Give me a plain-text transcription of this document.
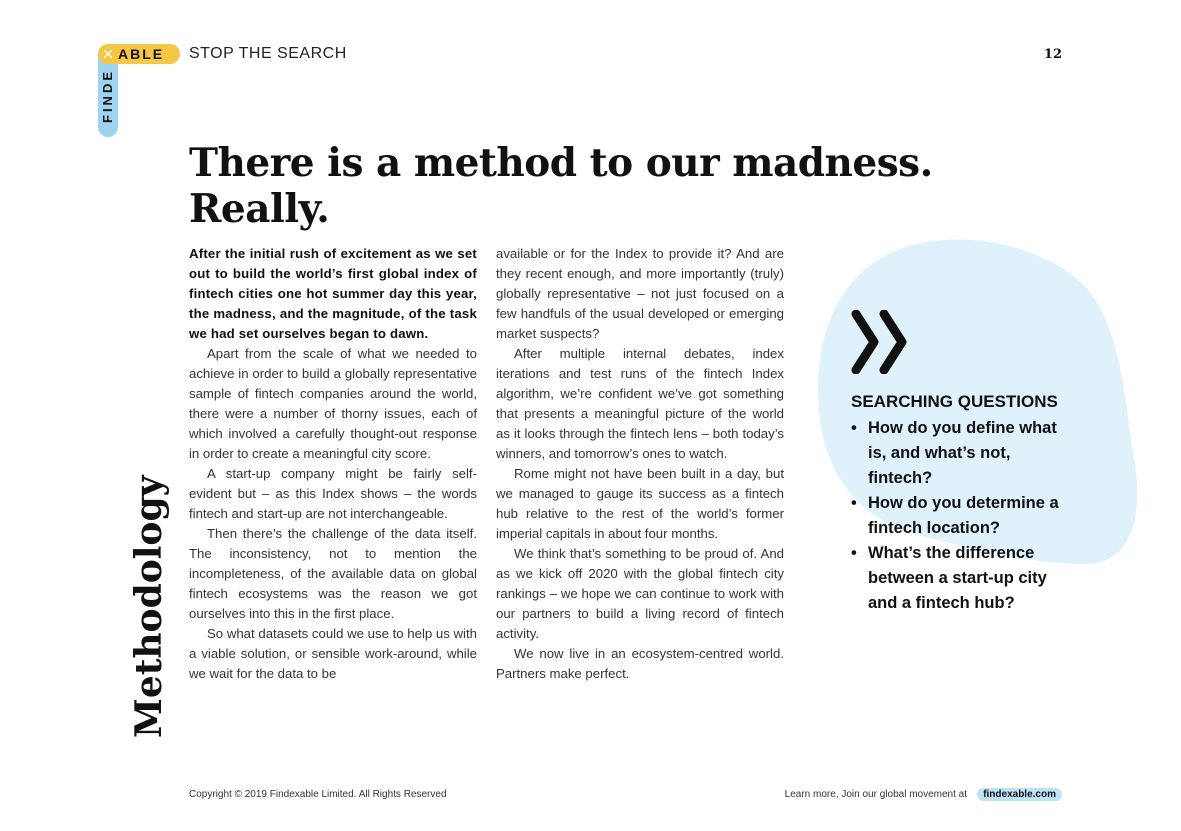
FINDE
✕ ABLE STOP THE SEARCH	12
There is a method to our madness. Really.
Methodology

After the initial rush of excitement as we set out to build the world’s first global index of fintech cities one hot summer day this year, the madness, and the magnitude, of the task we had set ourselves began to dawn.

Apart from the scale of what we needed to achieve in order to build a globally representative sample of fintech companies around the world, there were a number of thorny issues, each of which involved a carefully thought-out response in order to create a meaningful city score.

A start-up company might be fairly self-evident but – as this Index shows – the words fintech and start-up are not interchangeable.

Then there’s the challenge of the data itself. The inconsistency, not to mention the incompleteness, of the available data on global fintech ecosystems was the reason we got ourselves into this in the first place.

So what datasets could we use to help us with a viable solution, or sensible work-around, while we wait for the data to be

available or for the Index to provide it? And are they recent enough, and more importantly (truly) globally representative – not just focused on a few handfuls of the usual developed or emerging market suspects?

After multiple internal debates, index iterations and test runs of the fintech Index algorithm, we’re confident we’ve got something that presents a meaningful picture of the world as it looks through the fintech lens – both today’s winners, and tomorrow’s ones to watch.

Rome might not have been built in a day, but we managed to gauge its success as a fintech hub relative to the rest of the world’s former imperial capitals in about four months.

We think that’s something to be proud of. And as we kick off 2020 with the global fintech city rankings – we hope we can continue to work with our partners to build a living record of fintech activity.

We now live in an ecosystem-centred world. Partners make perfect.

SEARCHING QUESTIONS
• How do you define what is, and what’s not, fintech?
• How do you determine a fintech location?
• What’s the difference between a start-up city and a fintech hub?
Copyright © 2019 Findexable Limited. All Rights Reserved	Learn more, Join our global movement at	findexable.com
